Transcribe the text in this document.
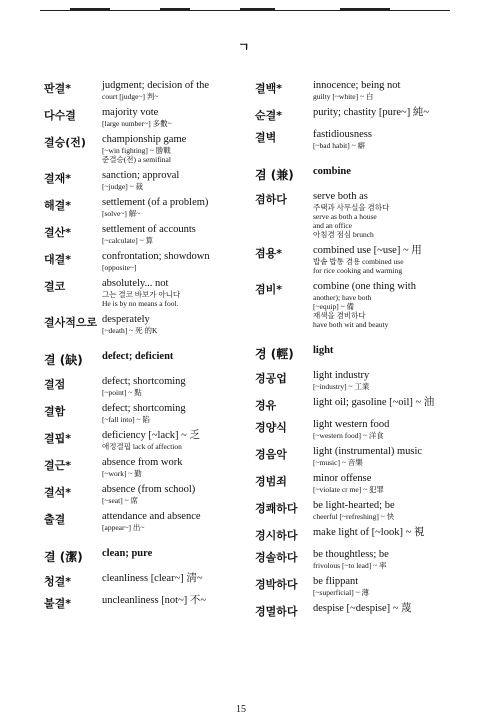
ㄱ
판결*	judgment; decision of the
court [judge~] 判~
다수결	majority vote
[large number~] 多數~
결승(전)	championship game
[~win fighting] ~ 勝戰
준결승(전) a semifinal
결재*	sanction; approval
[~judge] ~ 裁
해결*	settlement (of a problem)
[solve~] 解~
결산*	settlement of accounts
[~calculate] ~ 算
대결*	confrontation; showdown
[opposite~]
결코	absolutely... not
그는 결코 바보가 아니다
He is by no means a fool.
결사적으로 desperately
[~death] ~ 死 的K
결 (缺)	defect; deficient
결점	defect; shortcoming
[~point] ~ 點
결함	defect; shortcoming
[~fall into] ~ 陷
결핍*	deficiency [~lack] ~ 乏
애정결핍 lack of affection
결근*	absence from work
[~work] ~ 勤
결석*	absence (from school)
[~seat] ~ 席
출결	attendance and absence
[appear~] 出~
결 (潔)	clean; pure
청결*	cleanliness [clear~] 淸~
불결*	uncleanliness [not~] 不~
결백*	innocence; being not
guilty [~white] ~ 白
순결*	purity; chastity [pure~] 純~
결벽	fastidiousness
[~bad habit] ~ 癖
겸 (兼)	combine
겸하다	serve both as
주택과 사무실을 겸하다
serve as both a house
and an office
아침겸 점심 brunch
겸용*	combined use [~use] ~ 用
밥솥 밥통 겸용 combined use
for rice cooking and warming
겸비*	combine (one thing with
another); have both
[~equip] ~ 備
재색을 겸비하다
have both wit and beauty
경 (輕)	light
경공업	light industry
[~industry] ~ 工業
경유	light oil; gasoline [~oil] ~ 油
경양식	light western food
[~western food] ~ 洋食
경음악	light (instrumental) music
[~music] ~ 音樂
경범죄	minor offense
[~violate cr me] ~ 犯罪
경쾌하다	be light-hearted; be
cheerful [~refreshing] ~ 快
경시하다	make light of [~look] ~ 視
경솔하다	be thoughtless; be
frivolous [~to lead] ~ 率
경박하다	be flippant
[~superficial] ~ 薄
경멸하다	despise [~despise] ~ 蔑
15
